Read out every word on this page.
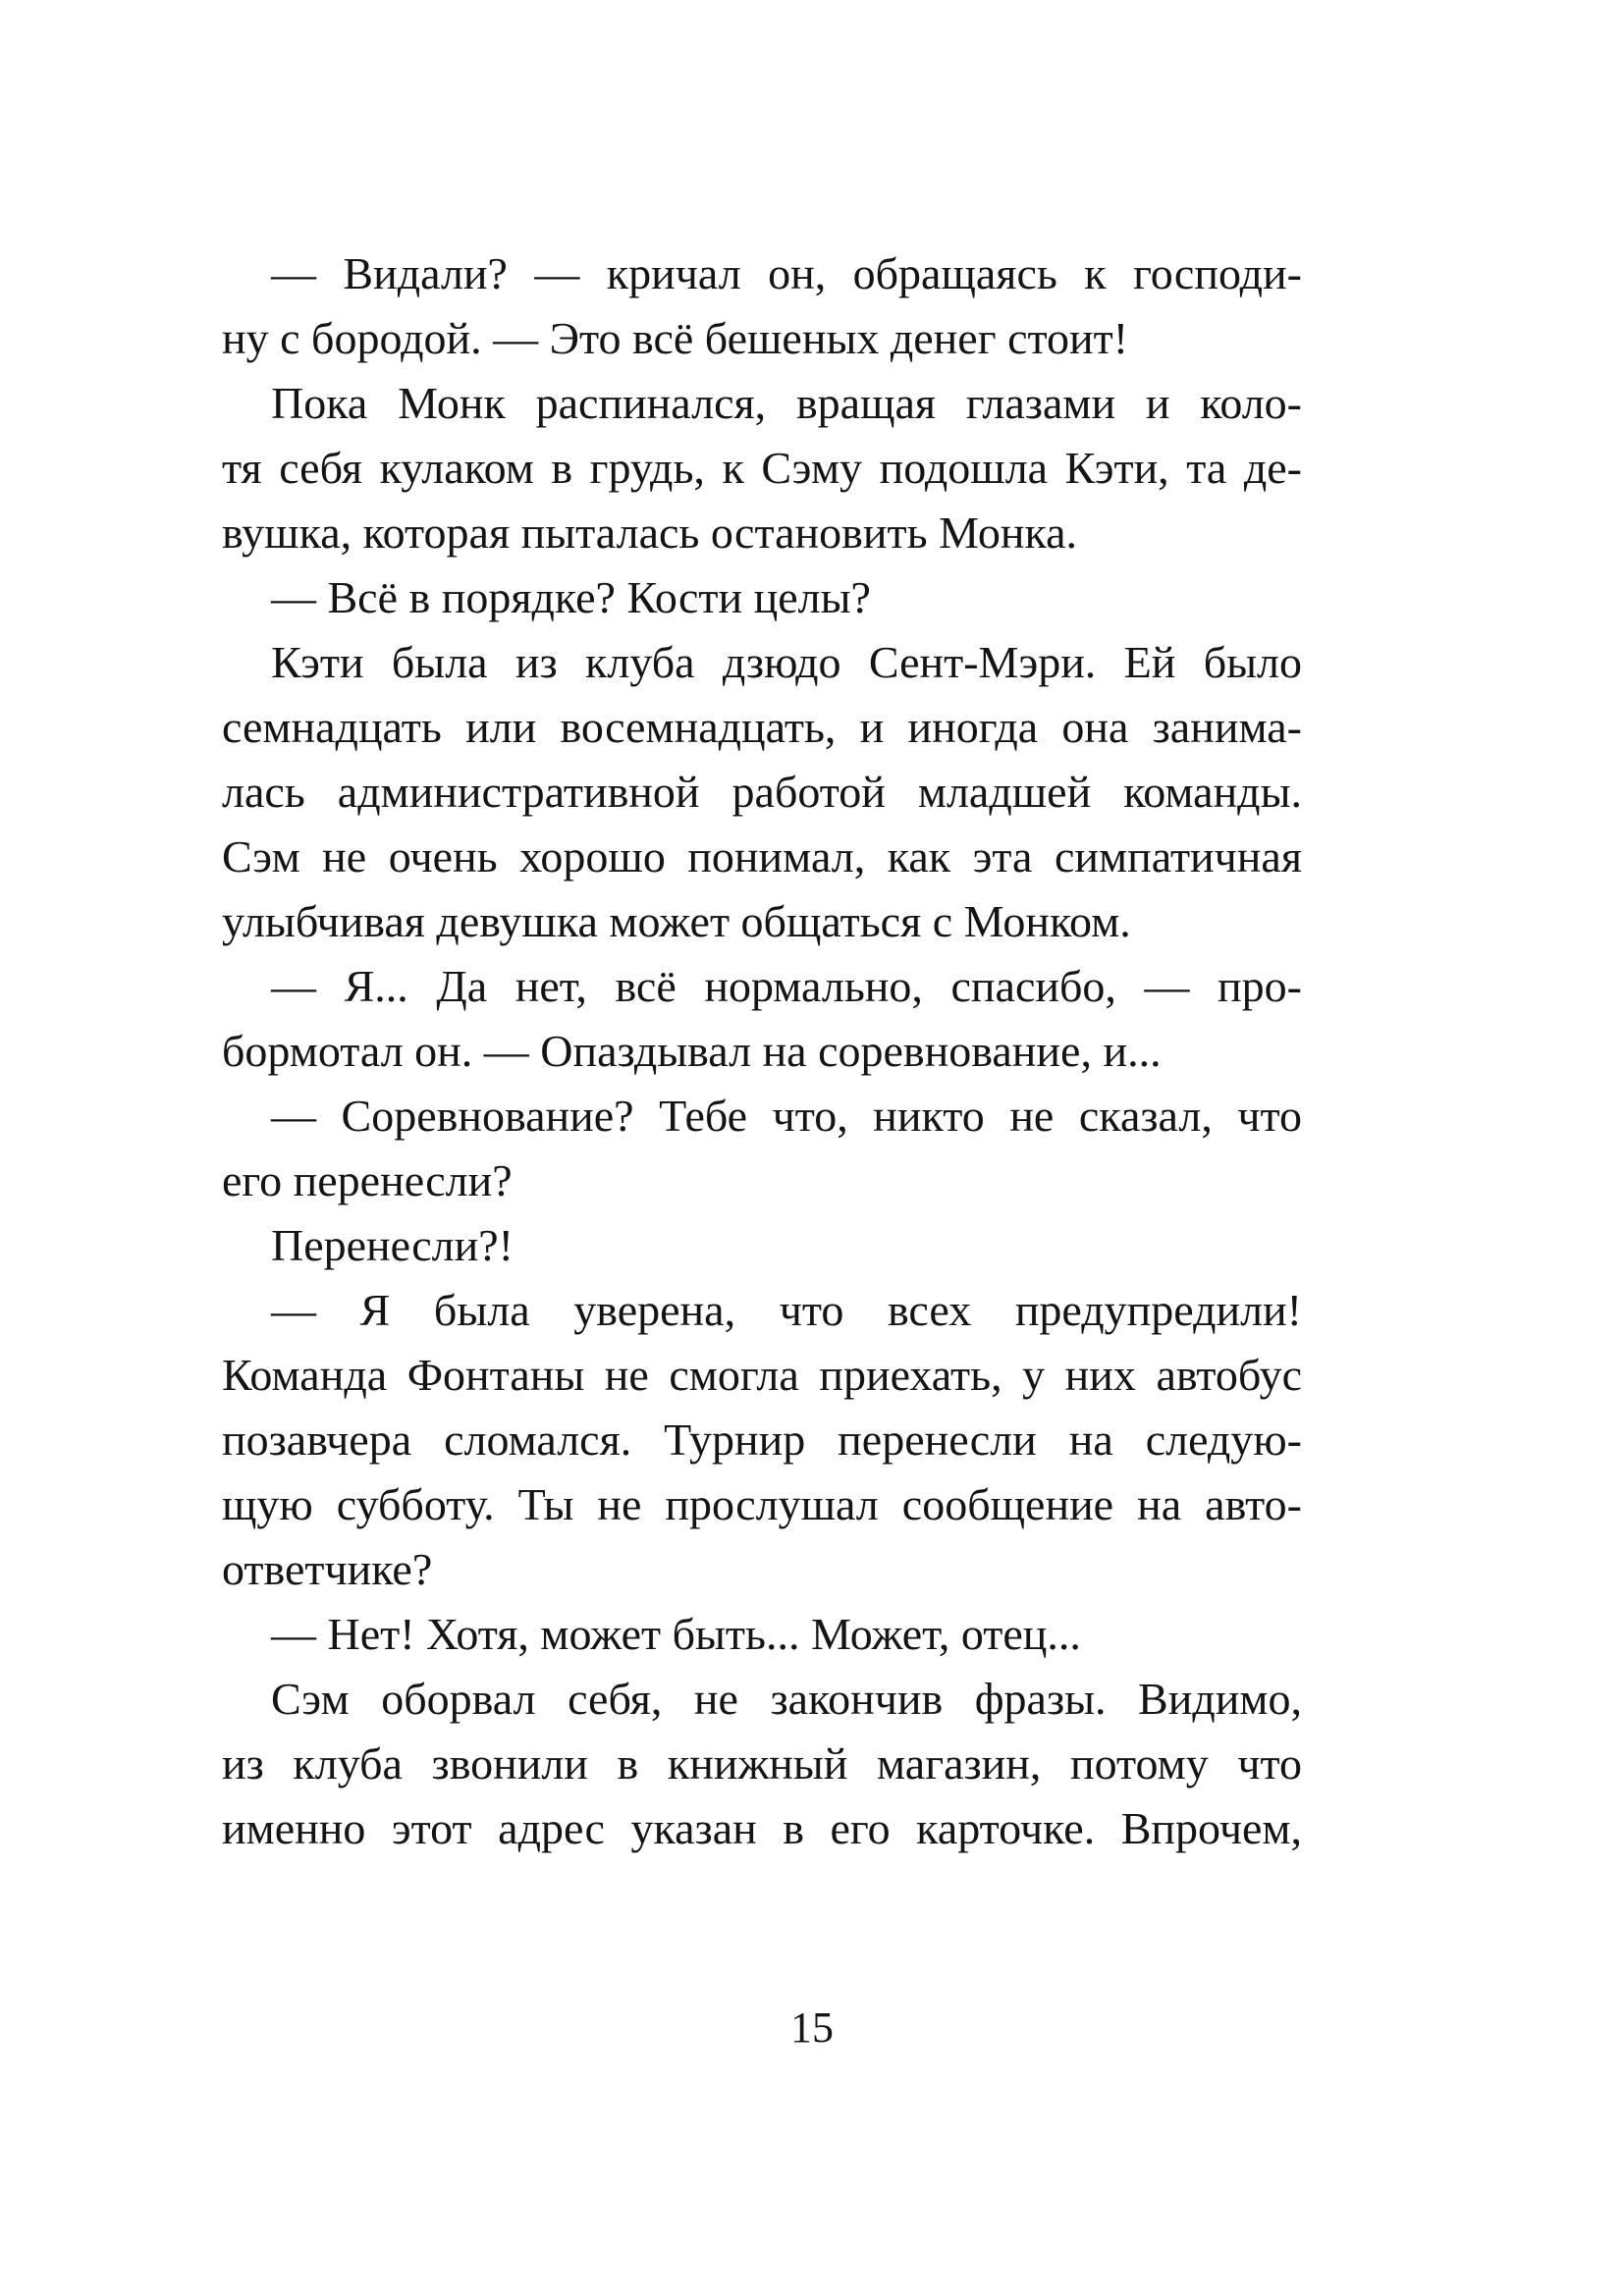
— Видали? — кричал он, обращаясь к господи-
ну с бородой. — Это всё бешеных денег стоит!
Пока Монк распинался, вращая глазами и коло-
тя себя кулаком в грудь, к Сэму подошла Кэти, та де-
вушка, которая пыталась остановить Монка.
— Всё в порядке? Кости целы?
Кэти была из клуба дзюдо Сент-Мэри. Ей было
семнадцать или восемнадцать, и иногда она занима-
лась административной работой младшей команды.
Сэм не очень хорошо понимал, как эта симпатичная
улыбчивая девушка может общаться с Монком.
— Я... Да нет, всё нормально, спасибо, — про-
бормотал он. — Опаздывал на соревнование, и...
— Соревнование? Тебе что, никто не сказал, что
его перенесли?
Перенесли?!
— Я была уверена, что всех предупредили!
Команда Фонтаны не смогла приехать, у них автобус
позавчера сломался. Турнир перенесли на следую-
щую субботу. Ты не прослушал сообщение на авто-
ответчике?
— Нет! Хотя, может быть... Может, отец...
Сэм оборвал себя, не закончив фразы. Видимо,
из клуба звонили в книжный магазин, потому что
именно этот адрес указан в его карточке. Впрочем,
15
